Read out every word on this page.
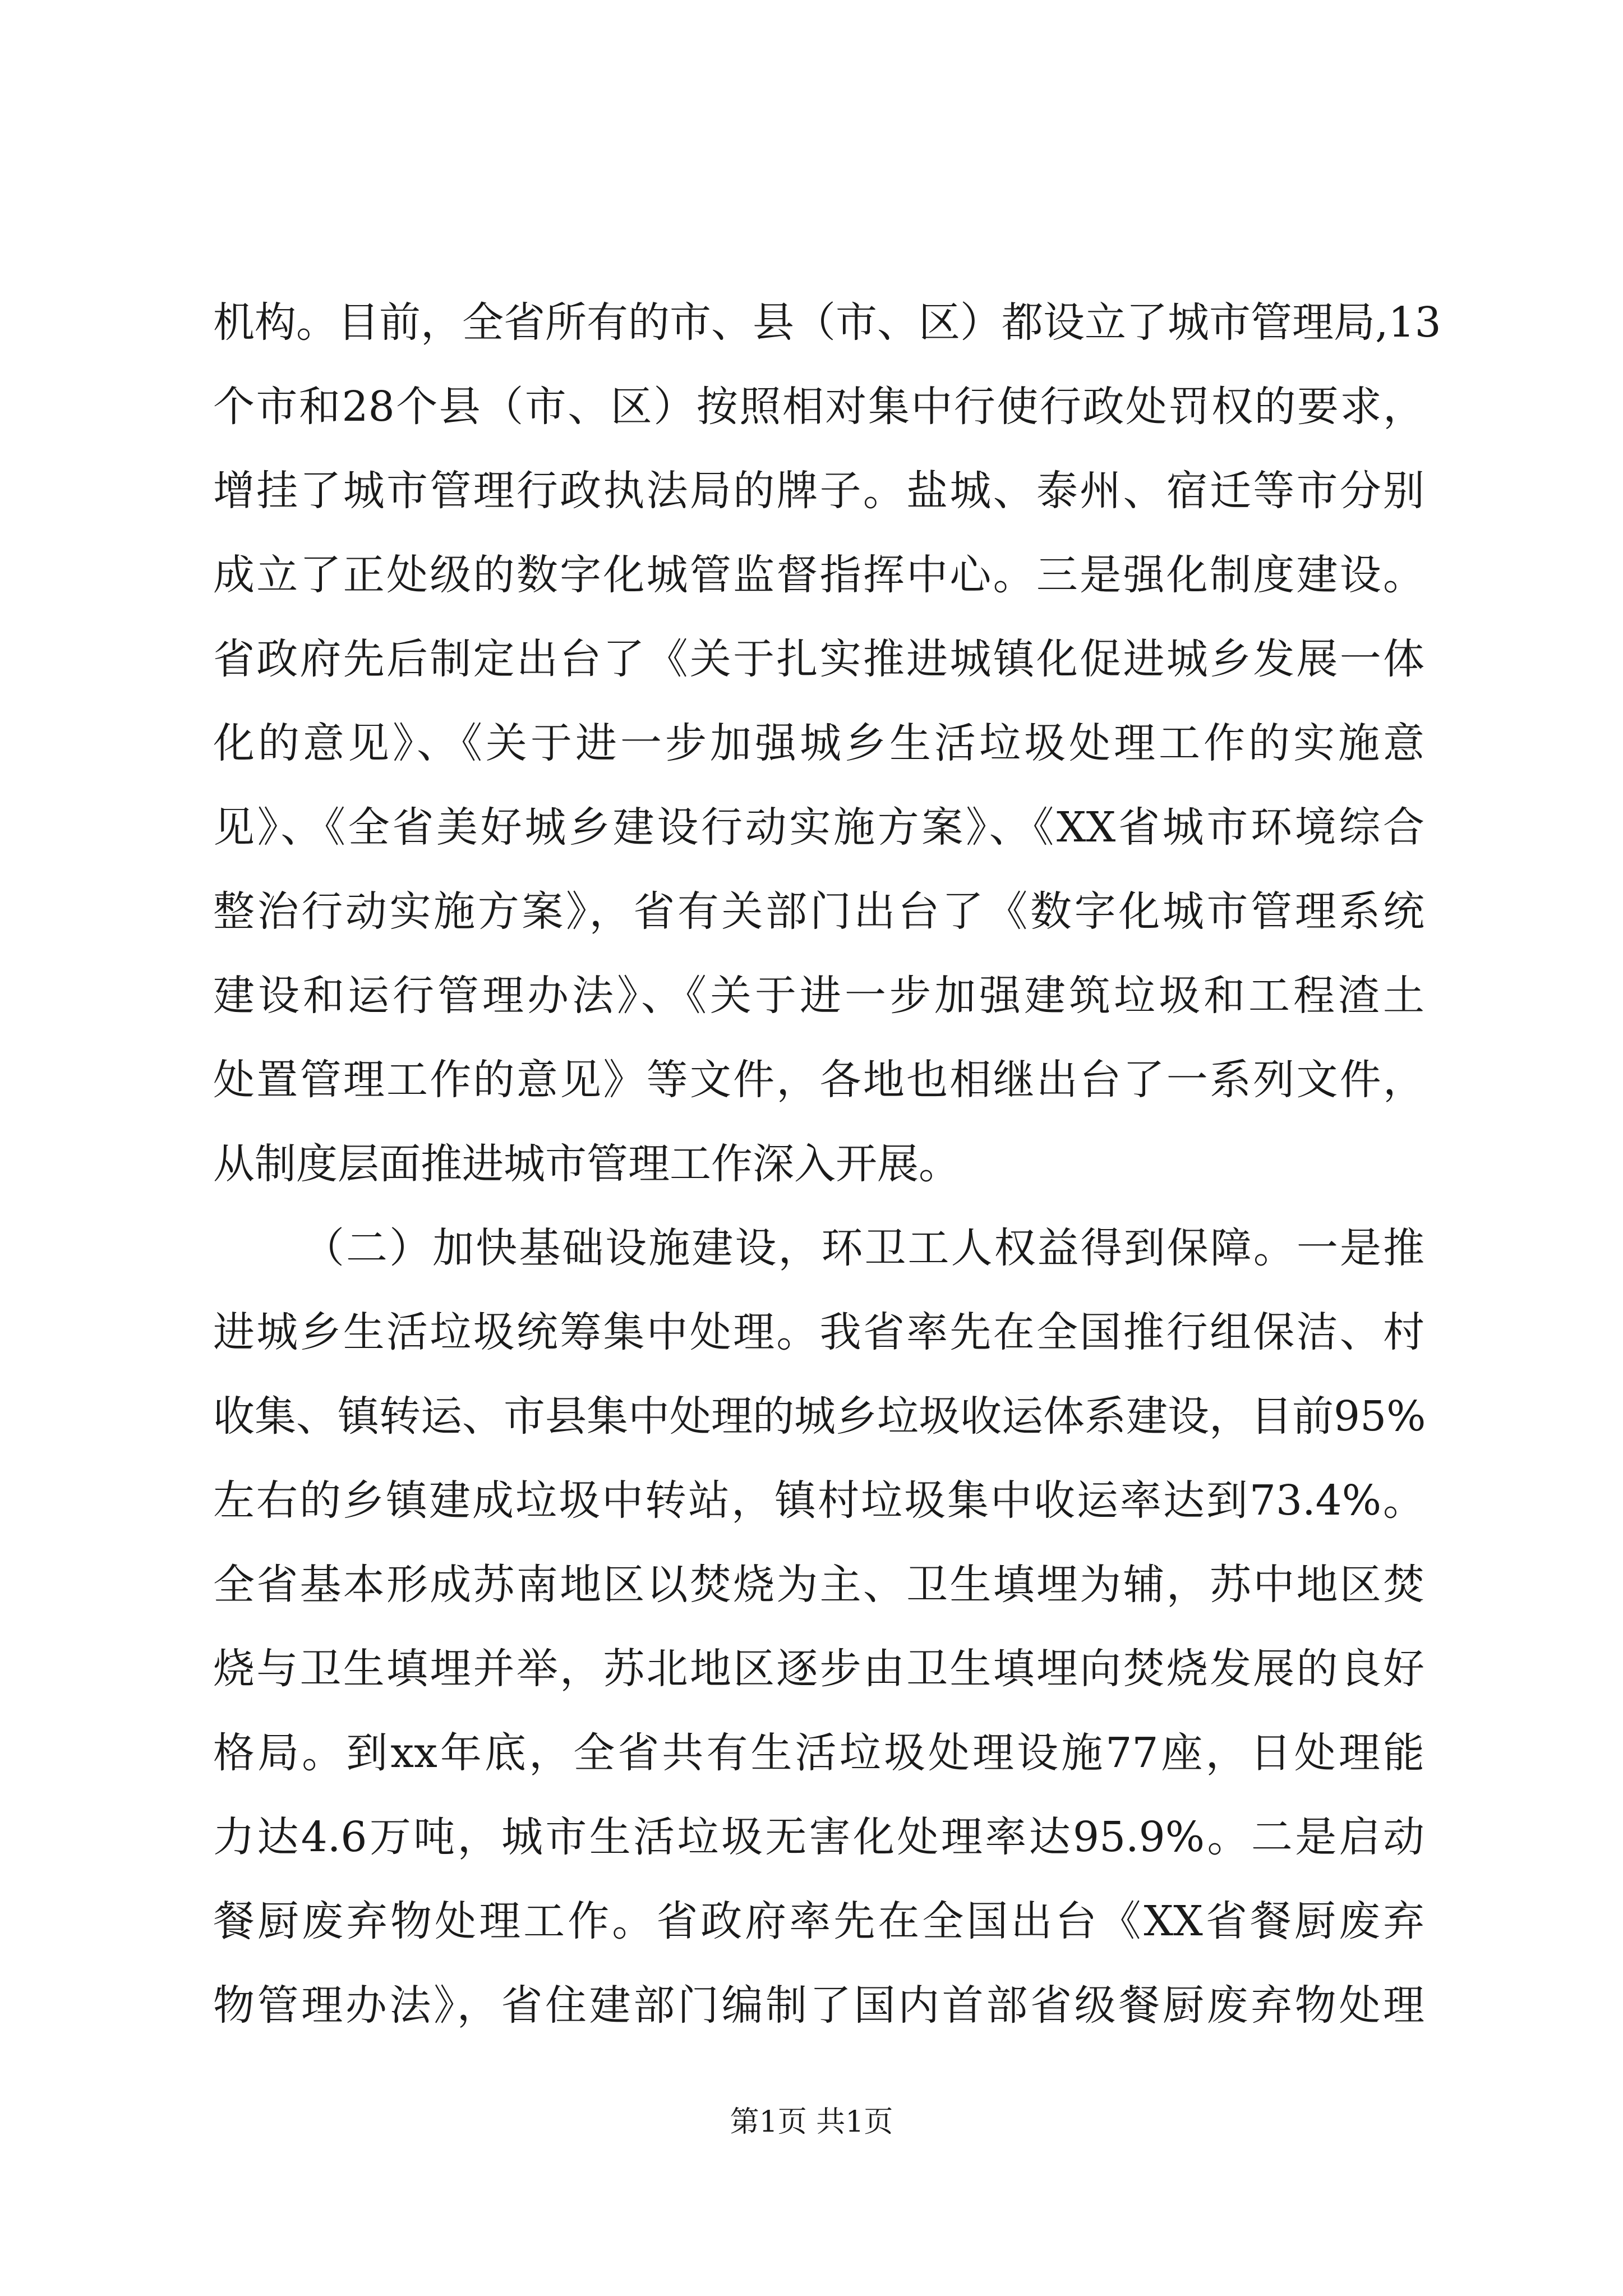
机构。目前，全省所有的市、县（市、区）都设立了城市管理局,13
个市和28个县（市、区）按照相对集中行使行政处罚权的要求，
增挂了城市管理行政执法局的牌子。盐城、泰州、宿迁等市分别
成立了正处级的数字化城管监督指挥中心。三是强化制度建设。
省政府先后制定出台了《关于扎实推进城镇化促进城乡发展一体
化的意见》、《关于进一步加强城乡生活垃圾处理工作的实施意
见》、《全省美好城乡建设行动实施方案》、《XX省城市环境综合
整治行动实施方案》，省有关部门出台了《数字化城市管理系统
建设和运行管理办法》、《关于进一步加强建筑垃圾和工程渣土
处置管理工作的意见》等文件，各地也相继出台了一系列文件，
从制度层面推进城市管理工作深入开展。
（二）加快基础设施建设，环卫工人权益得到保障。一是推
进城乡生活垃圾统筹集中处理。我省率先在全国推行组保洁、村
收集、镇转运、市县集中处理的城乡垃圾收运体系建设，目前95%
左右的乡镇建成垃圾中转站，镇村垃圾集中收运率达到73.4%。
全省基本形成苏南地区以焚烧为主、卫生填埋为辅，苏中地区焚
烧与卫生填埋并举，苏北地区逐步由卫生填埋向焚烧发展的良好
格局。到xx年底，全省共有生活垃圾处理设施77座，日处理能
力达4.6万吨，城市生活垃圾无害化处理率达95.9%。二是启动
餐厨废弃物处理工作。省政府率先在全国出台《XX省餐厨废弃
物管理办法》，省住建部门编制了国内首部省级餐厨废弃物处理
第1页 共1页
